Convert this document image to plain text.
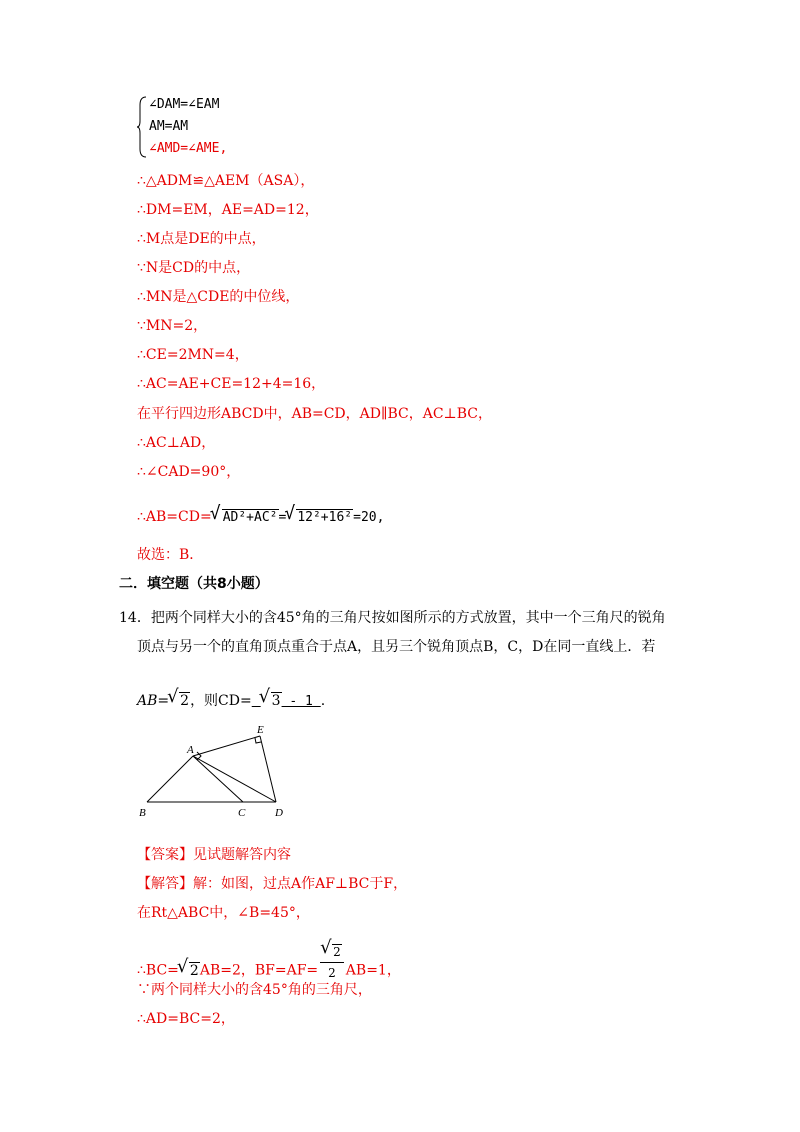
∠DAM=∠EAM
AM=AM
∠AMD=∠AME,
∴△ADM≌△AEM（ASA），
∴DM=EM，AE=AD=12，
∴M点是DE的中点，
∵N是CD的中点，
∴MN是△CDE的中位线，
∵MN=2，
∴CE=2MN=4，
∴AC=AE+CE=12+4=16，
在平行四边形ABCD中，AB=CD，AD∥BC，AC⊥BC，
∴AC⊥AD，
∴∠CAD=90°，
∴AB=CD= √ AD²+AC²= √ 12²+16²=20,
故选：B．
二．填空题（共8小题）
14．把两个同样大小的含45°角的三角尺按如图所示的方式放置，其中一个三角尺的锐角
顶点与另一个的直角顶点重合于点A，且另三个锐角顶点B，C，D在同一直线上．若
AB= √ 2，则CD= √ 3 - 1 .
A
B	C	D
E
【答案】见试题解答内容
【解答】解：如图，过点A作AF⊥BC于F，
在Rt△ABC中，∠B=45°，
∴BC= √ 2AB=2，BF=AF= √ $\frac{2}{2} AB=1$，
∵两个同样大小的含45°角的三角尺，
∴AD=BC=2，
